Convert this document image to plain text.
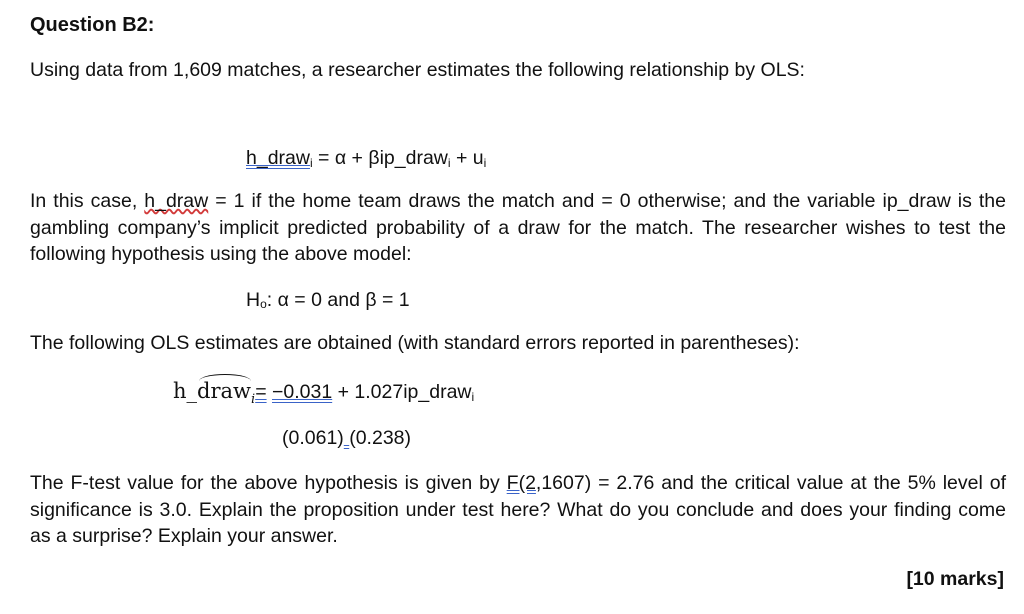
Question B2:
Using data from 1,609 matches, a researcher estimates the following relationship by OLS:
h_draw$_i$ = α + βip_draw$_i$ + $u_i$
In this case, h_draw = 1 if the home team draws the match and = 0 otherwise; and the variable ip_draw is the gambling company’s implicit predicted probability of a draw for the match. The researcher wishes to test the following hypothesis using the above model:
Ho: α = 0 and β = 1
The following OLS estimates are obtained (with standard errors reported in parentheses):
h_draw$_i$= −0.031 + 1.027ip_draw$_i$
(0.061) (0.238)
The F-test value for the above hypothesis is given by F(2,1607) = 2.76 and the critical value at the 5% level of significance is 3.0. Explain the proposition under test here? What do you conclude and does your finding come as a surprise? Explain your answer.
[10 marks]
